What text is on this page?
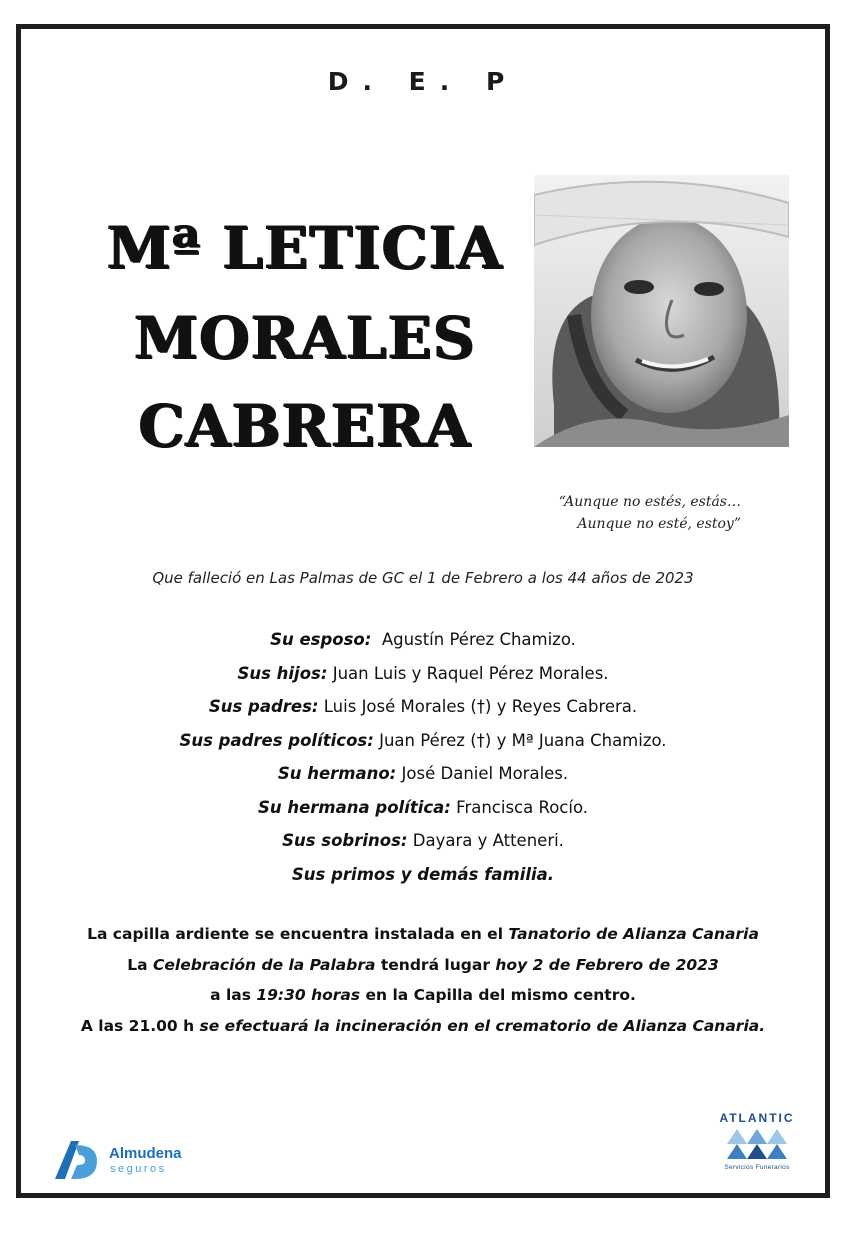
D. E. P
Mª LETICIA
MORALES
CABRERA
“Aunque no estés, estás…
Aunque no esté, estoy”
Que falleció en Las Palmas de GC el 1 de Febrero a los 44 años de 2023
Su esposo: Agustín Pérez Chamizo.
Sus hijos: Juan Luis y Raquel Pérez Morales.
Sus padres: Luis José Morales (†) y Reyes Cabrera.
Sus padres políticos: Juan Pérez (†) y Mª Juana Chamizo.
Su hermano: José Daniel Morales.
Su hermana política: Francisca Rocío.
Sus sobrinos: Dayara y Atteneri.
Sus primos y demás familia.
La capilla ardiente se encuentra instalada en el Tanatorio de Alianza Canaria
La Celebración de la Palabra tendrá lugar hoy 2 de Febrero de 2023
a las 19:30 horas en la Capilla del mismo centro.
A las 21.00 h se efectuará la incineración en el crematorio de Alianza Canaria.
Almudena
seguros
ATLANTIC
Servicios Funerarios
